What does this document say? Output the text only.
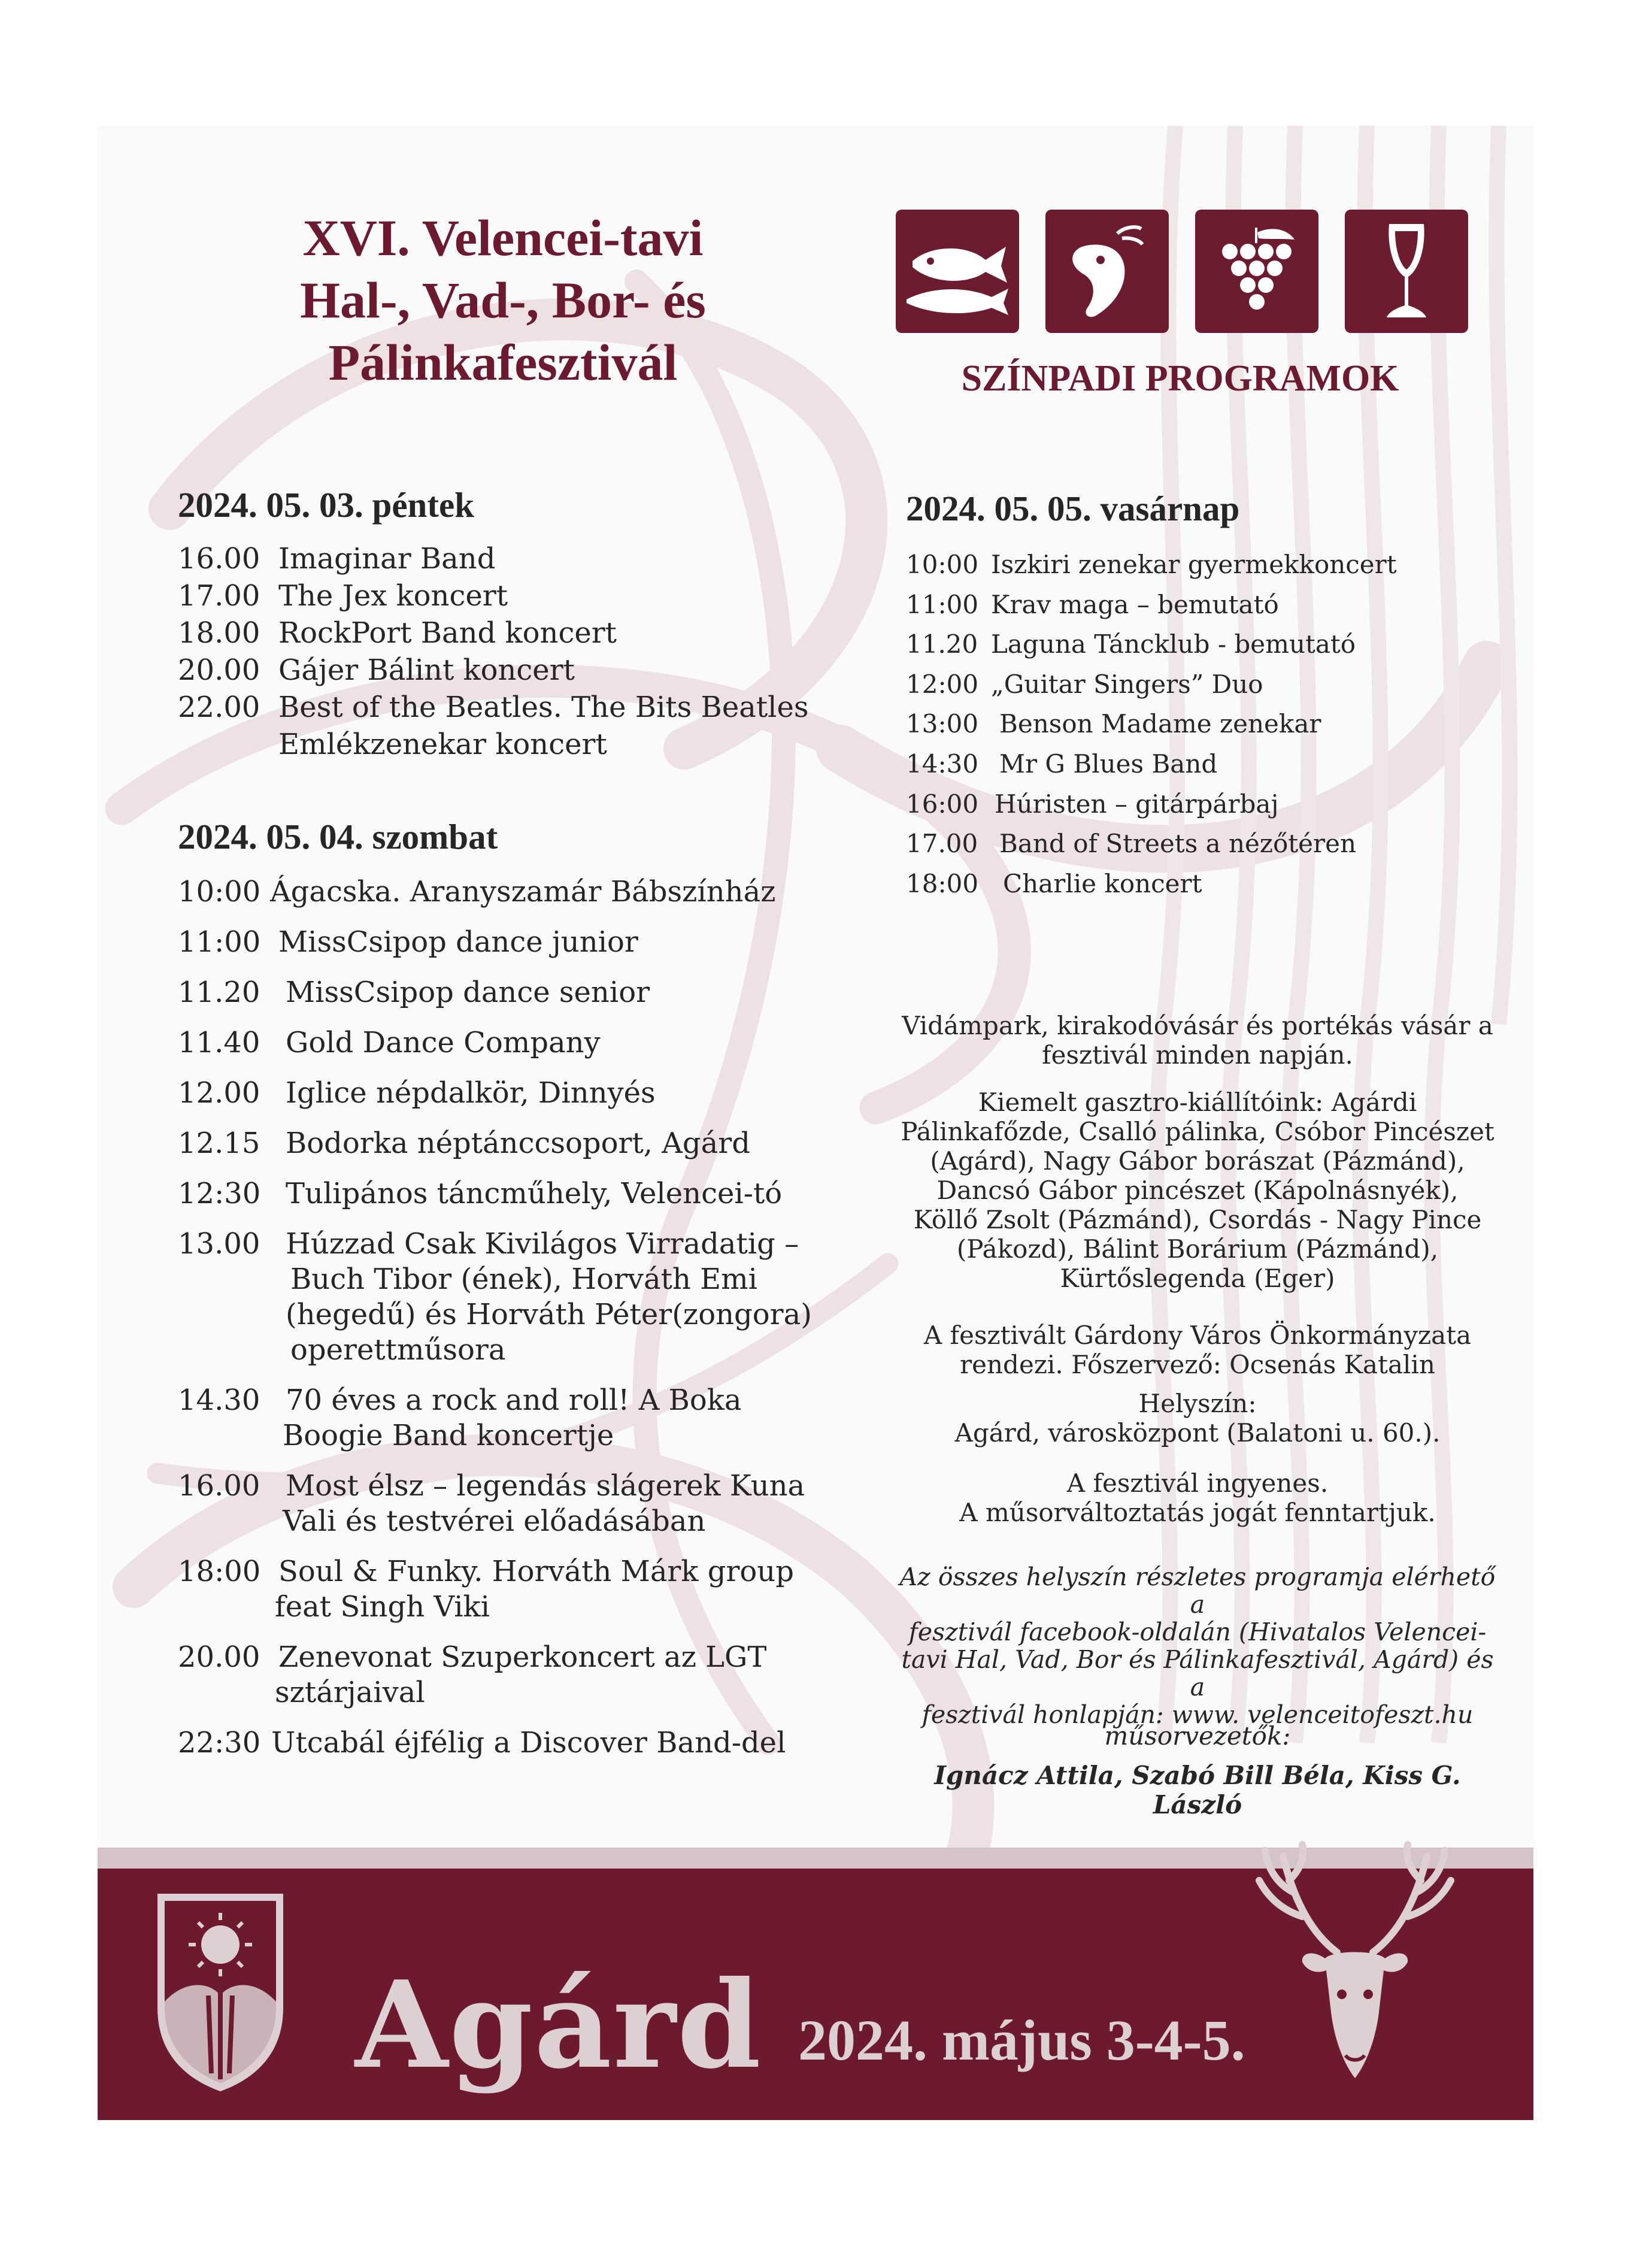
XVI. Velencei-tavi
Hal-, Vad-, Bor- és
Pálinkafesztivál	SZÍNPADI PROGRAMOK
2024. 05. 03. péntek
16.00 Imaginar Band
17.00 The Jex koncert
18.00 RockPort Band koncert
20.00 Gájer Bálint koncert
22.00 Best of the Beatles. The Bits Beatles
Emlékzenekar koncert
2024. 05. 04. szombat
10:00 Ágacska. Aranyszamár Bábszínház
11:00 MissCsipop dance junior
11.20 MissCsipop dance senior
11.40 Gold Dance Company
12.00 Iglice népdalkör, Dinnyés
12.15 Bodorka néptánccsoport, Agárd
12:30 Tulipános táncműhely, Velencei-tó
13.00 Húzzad Csak Kivilágos Virradatig –
Buch Tibor (ének), Horváth Emi
(hegedű) és Horváth Péter(zongora)
operettműsora
14.30 70 éves a rock and roll! A Boka
Boogie Band koncertje
16.00 Most élsz – legendás slágerek Kuna
Vali és testvérei előadásában
18:00 Soul & Funky. Horváth Márk group
feat Singh Viki
20.00 Zenevonat Szuperkoncert az LGT
sztárjaival
22:30 Utcabál éjfélig a Discover Band-del
2024. 05. 05. vasárnap
10:00 Iszkiri zenekar gyermekkoncert
11:00 Krav maga – bemutató
11.20 Laguna Táncklub - bemutató
12:00 „Guitar Singers” Duo
13:00 Benson Madame zenekar
14:30 Mr G Blues Band
16:00 Húristen – gitárpárbaj
17.00 Band of Streets a nézőtéren
18:00 Charlie koncert

Vidámpark, kirakodóvásár és portékás vásár a
fesztivál minden napján.

Kiemelt gasztro-kiállítóink: Agárdi
Pálinkafőzde, Csalló pálinka, Csóbor Pincészet
(Agárd), Nagy Gábor borászat (Pázmánd),
Dancsó Gábor pincészet (Kápolnásnyék),
Köllő Zsolt (Pázmánd), Csordás - Nagy Pince
(Pákozd), Bálint Borárium (Pázmánd),
Kürtőslegenda (Eger)

A fesztivált Gárdony Város Önkormányzata
rendezi. Főszervező: Ocsenás Katalin

Helyszín:

Agárd, városközpont (Balatoni u. 60.).

A fesztivál ingyenes.
A műsorváltoztatás jogát fenntartjuk.

Az összes helyszín részletes programja elérhető a
fesztivál facebook-oldalán (Hivatalos Velencei-
tavi Hal, Vad, Bor és Pálinkafesztivál, Agárd) és a
fesztivál honlapján: www. velenceitofeszt.hu

műsorvezetők:

Ignácz Attila, Szabó Bill Béla, Kiss G. László

Agárd 2024. május 3-4-5.
